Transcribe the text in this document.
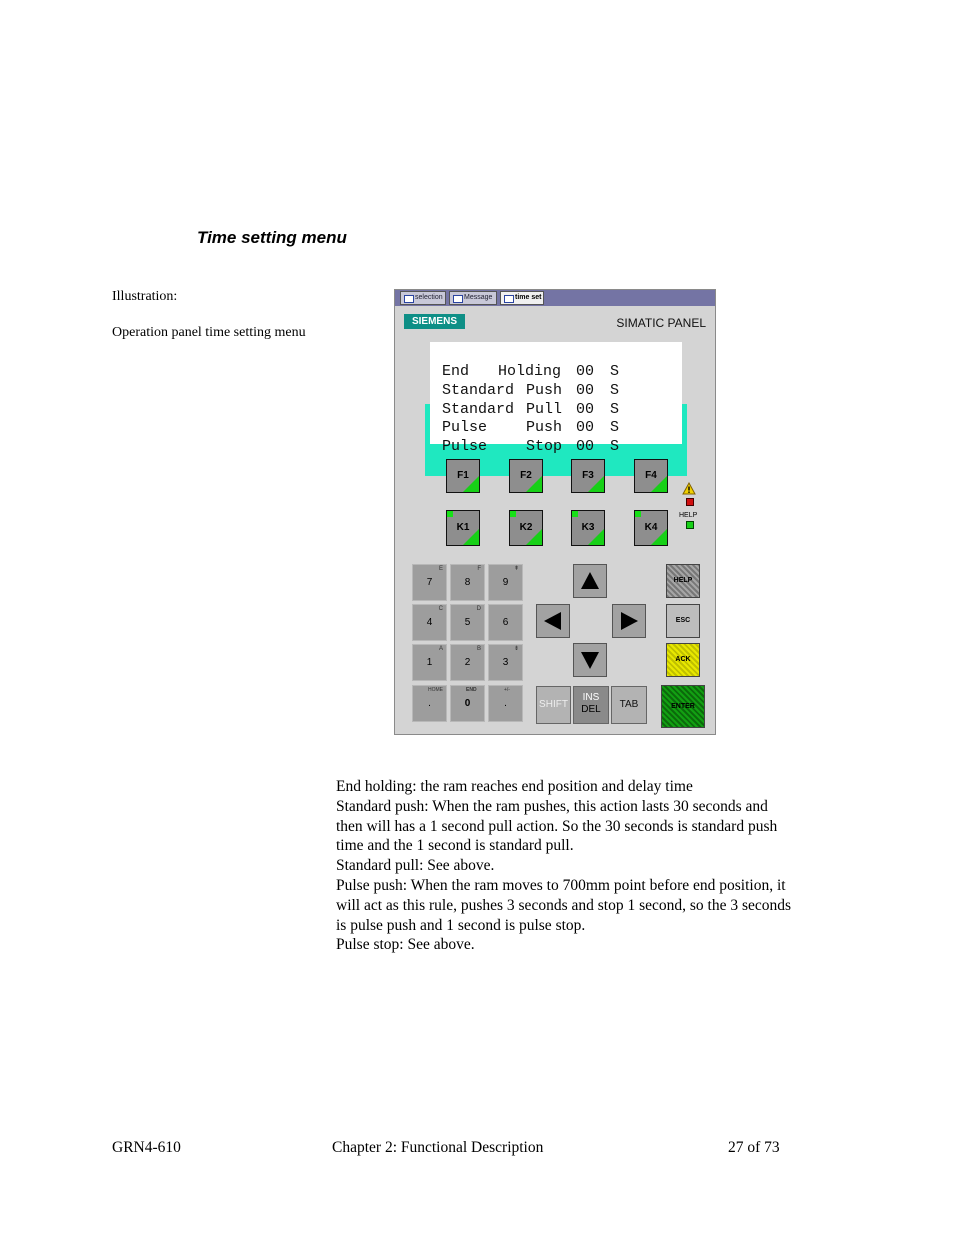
Time setting menu
Illustration:
Operation panel time setting menu
selection	Message	time set
SIEMENS	SIMATIC PANEL

End Holding 00 S

Standard Push 00 S

Standard Pull 00 S

Pulse	Push 00 S

Pulse	Stop 00 S

F1	F2	F3	F4
HELP
K1	K2	K3	K4
E
7
F
8
⇞
9
C
4
D
5	6
A
1
B
2
⇟
3
HOME
.
END
0
+/-
.
HELP
ESC
ACK
ENTER
SHIFT
INS
DEL	TAB
End holding: the ram reaches end position and delay time
Standard push: When the ram pushes, this action lasts 30 seconds and
then will has a 1 second pull action. So the 30 seconds is standard push
time and the 1 second is standard pull.
Standard pull: See above.
Pulse push: When the ram moves to 700mm point before end position, it
will act as this rule, pushes 3 seconds and stop 1 second, so the 3 seconds
is pulse push and 1 second is pulse stop.
Pulse stop: See above.
GRN4-610	Chapter 2: Functional Description	27 of 73
